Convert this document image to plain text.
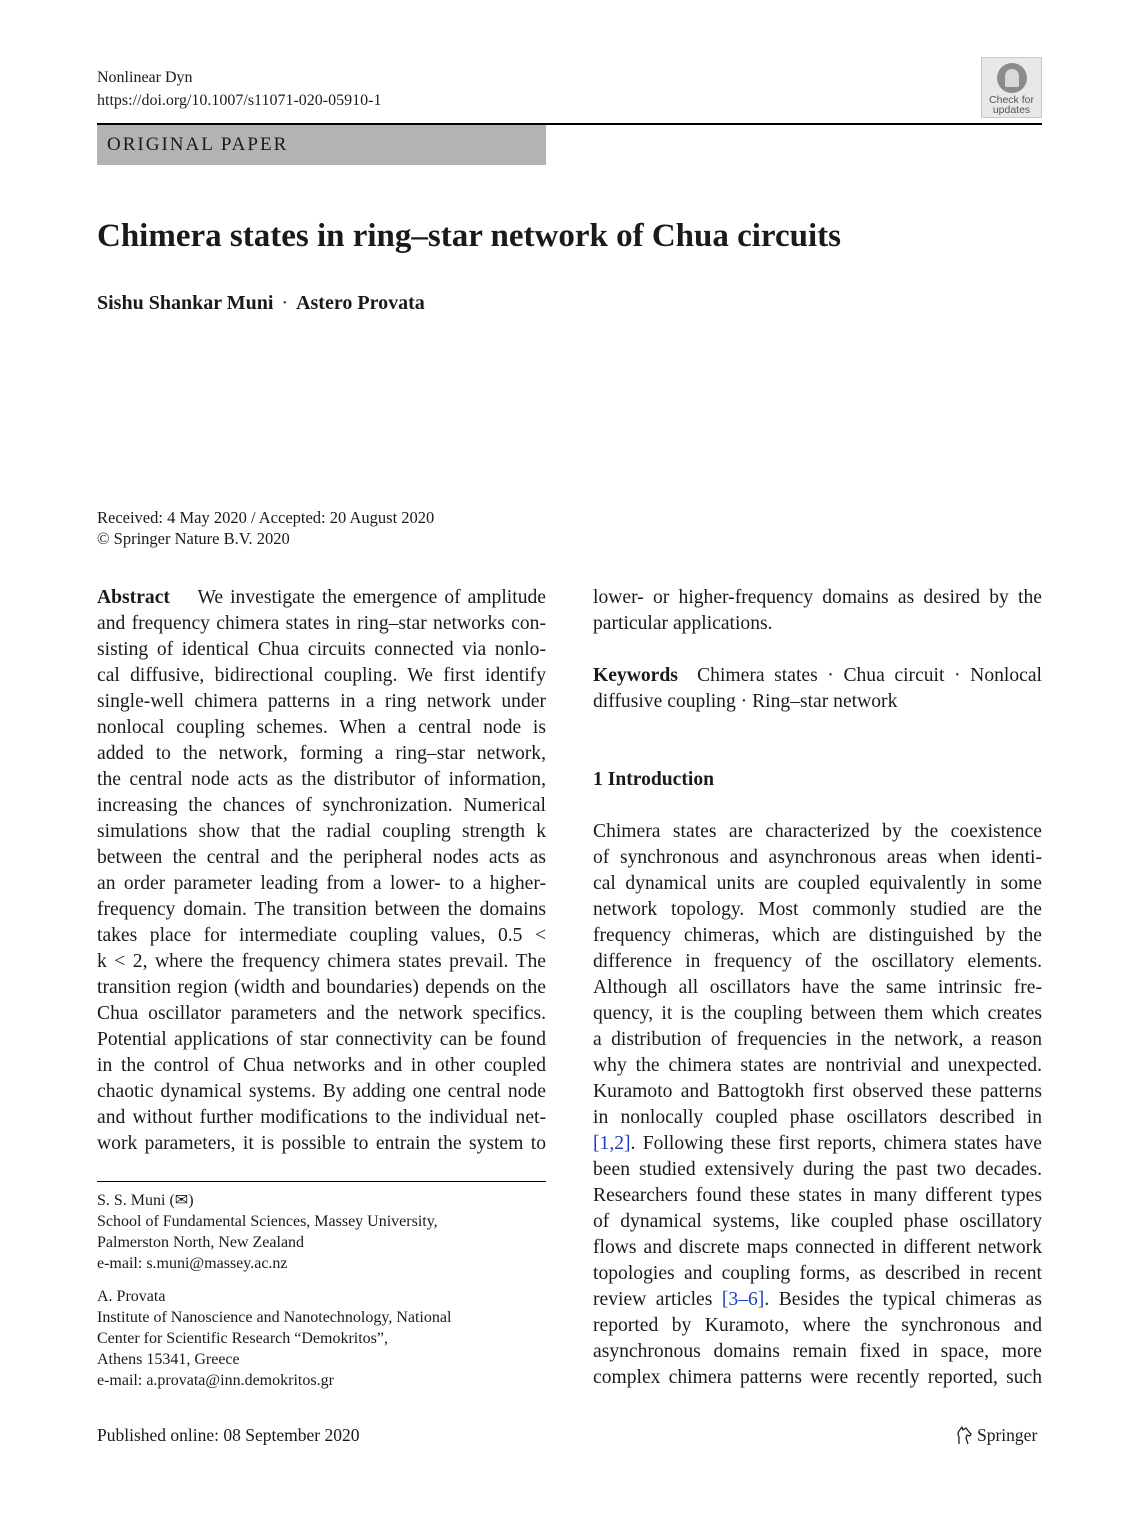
Nonlinear Dyn
https://doi.org/10.1007/s11071-020-05910-1	Check for
updates
ORIGINAL PAPER
Chimera states in ring–star network of Chua circuits
Sishu Shankar Muni · Astero Provata
Received: 4 May 2020 / Accepted: 20 August 2020
© Springer Nature B.V. 2020
Abstract We investigate the emergence of amplitude
and frequency chimera states in ring–star networks con-
sisting of identical Chua circuits connected via nonlo-
cal diffusive, bidirectional coupling. We first identify
single-well chimera patterns in a ring network under
nonlocal coupling schemes. When a central node is
added to the network, forming a ring–star network,
the central node acts as the distributor of information,
increasing the chances of synchronization. Numerical
simulations show that the radial coupling strength k
between the central and the peripheral nodes acts as
an order parameter leading from a lower- to a higher-
frequency domain. The transition between the domains
takes place for intermediate coupling values, 0.5 <
k < 2, where the frequency chimera states prevail. The
transition region (width and boundaries) depends on the
Chua oscillator parameters and the network specifics.
Potential applications of star connectivity can be found
in the control of Chua networks and in other coupled
chaotic dynamical systems. By adding one central node
and without further modifications to the individual net-
work parameters, it is possible to entrain the system to
S. S. Muni (✉)
School of Fundamental Sciences, Massey University,
Palmerston North, New Zealand
e-mail: s.muni@massey.ac.nz
A. Provata
Institute of Nanoscience and Nanotechnology, National
Center for Scientific Research “Demokritos”,
Athens 15341, Greece
e-mail: a.provata@inn.demokritos.gr
lower- or higher-frequency domains as desired by the
particular applications.
Keywords Chimera states · Chua circuit · Nonlocal
diffusive coupling · Ring–star network
1 Introduction
Chimera states are characterized by the coexistence
of synchronous and asynchronous areas when identi-
cal dynamical units are coupled equivalently in some
network topology. Most commonly studied are the
frequency chimeras, which are distinguished by the
difference in frequency of the oscillatory elements.
Although all oscillators have the same intrinsic fre-
quency, it is the coupling between them which creates
a distribution of frequencies in the network, a reason
why the chimera states are nontrivial and unexpected.
Kuramoto and Battogtokh first observed these patterns
in nonlocally coupled phase oscillators described in
[1,2]. Following these first reports, chimera states have
been studied extensively during the past two decades.
Researchers found these states in many different types
of dynamical systems, like coupled phase oscillatory
flows and discrete maps connected in different network
topologies and coupling forms, as described in recent
review articles [3–6]. Besides the typical chimeras as
reported by Kuramoto, where the synchronous and
asynchronous domains remain fixed in space, more
complex chimera patterns were recently reported, such
Published online: 08 September 2020	Springer
